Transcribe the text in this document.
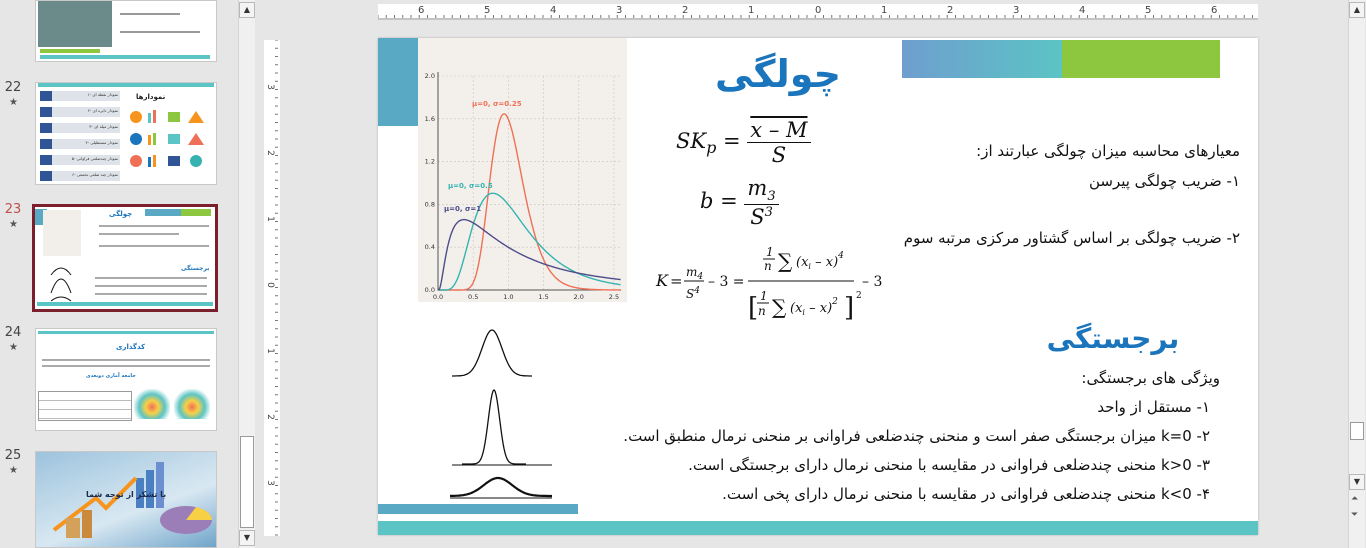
22
★	نمودارها
۱- نمودار نقطه ای
۲- نمودار دایره ای
۳- نمودار میله ای
۴- نمودار مستطیلی
۵- نمودار چندضلعی فراوانی
۶- نمودار چند ضلعی تجمعی
23
★
چولگی
برجستگی
24
★	کدگذاری
جامعه آماری دوبعدی
25
★
با تشکر از توجه شما
▲
▼
6	5	4	3	2	1	0	1	2	3	4	5	6
3
2
1
0
1
2
3
0.0	0.5	1.0	1.5	2.0	2.5
0.0
0.4
0.8
1.2
1.6
2.0
μ=0, σ=0.25
μ=0, σ=0.5
μ=0, σ=1
چولگی
$SK_p = \frac{x - M}{S}$
$b = \frac{m_3}{S^3}$
$K = m_4$
$S^4$
– 3 =
1
n ∑ $(x_i - x)^4$
[ 1
n ∑ $(x_i - x)^2$ ] 2
– 3
معیارهای محاسبه میزان چولگی عبارتند از:
۱- ضریب چولگی پیرسن
۲- ضریب چولگی بر اساس گشتاور مرکزی مرتبه سوم
برجستگی
ویژگی های برجستگی:
۱- مستقل از واحد
۲- k=0 میزان برجستگی صفر است و منحنی چندضلعی فراوانی بر منحنی نرمال منطبق است.
۳- k>0 منحنی چندضلعی فراوانی در مقایسه با منحنی نرمال دارای برجستگی است.
۴- k<0 منحنی چندضلعی فراوانی در مقایسه با منحنی نرمال دارای پخی است.
▲
▼
⏶
⏷
